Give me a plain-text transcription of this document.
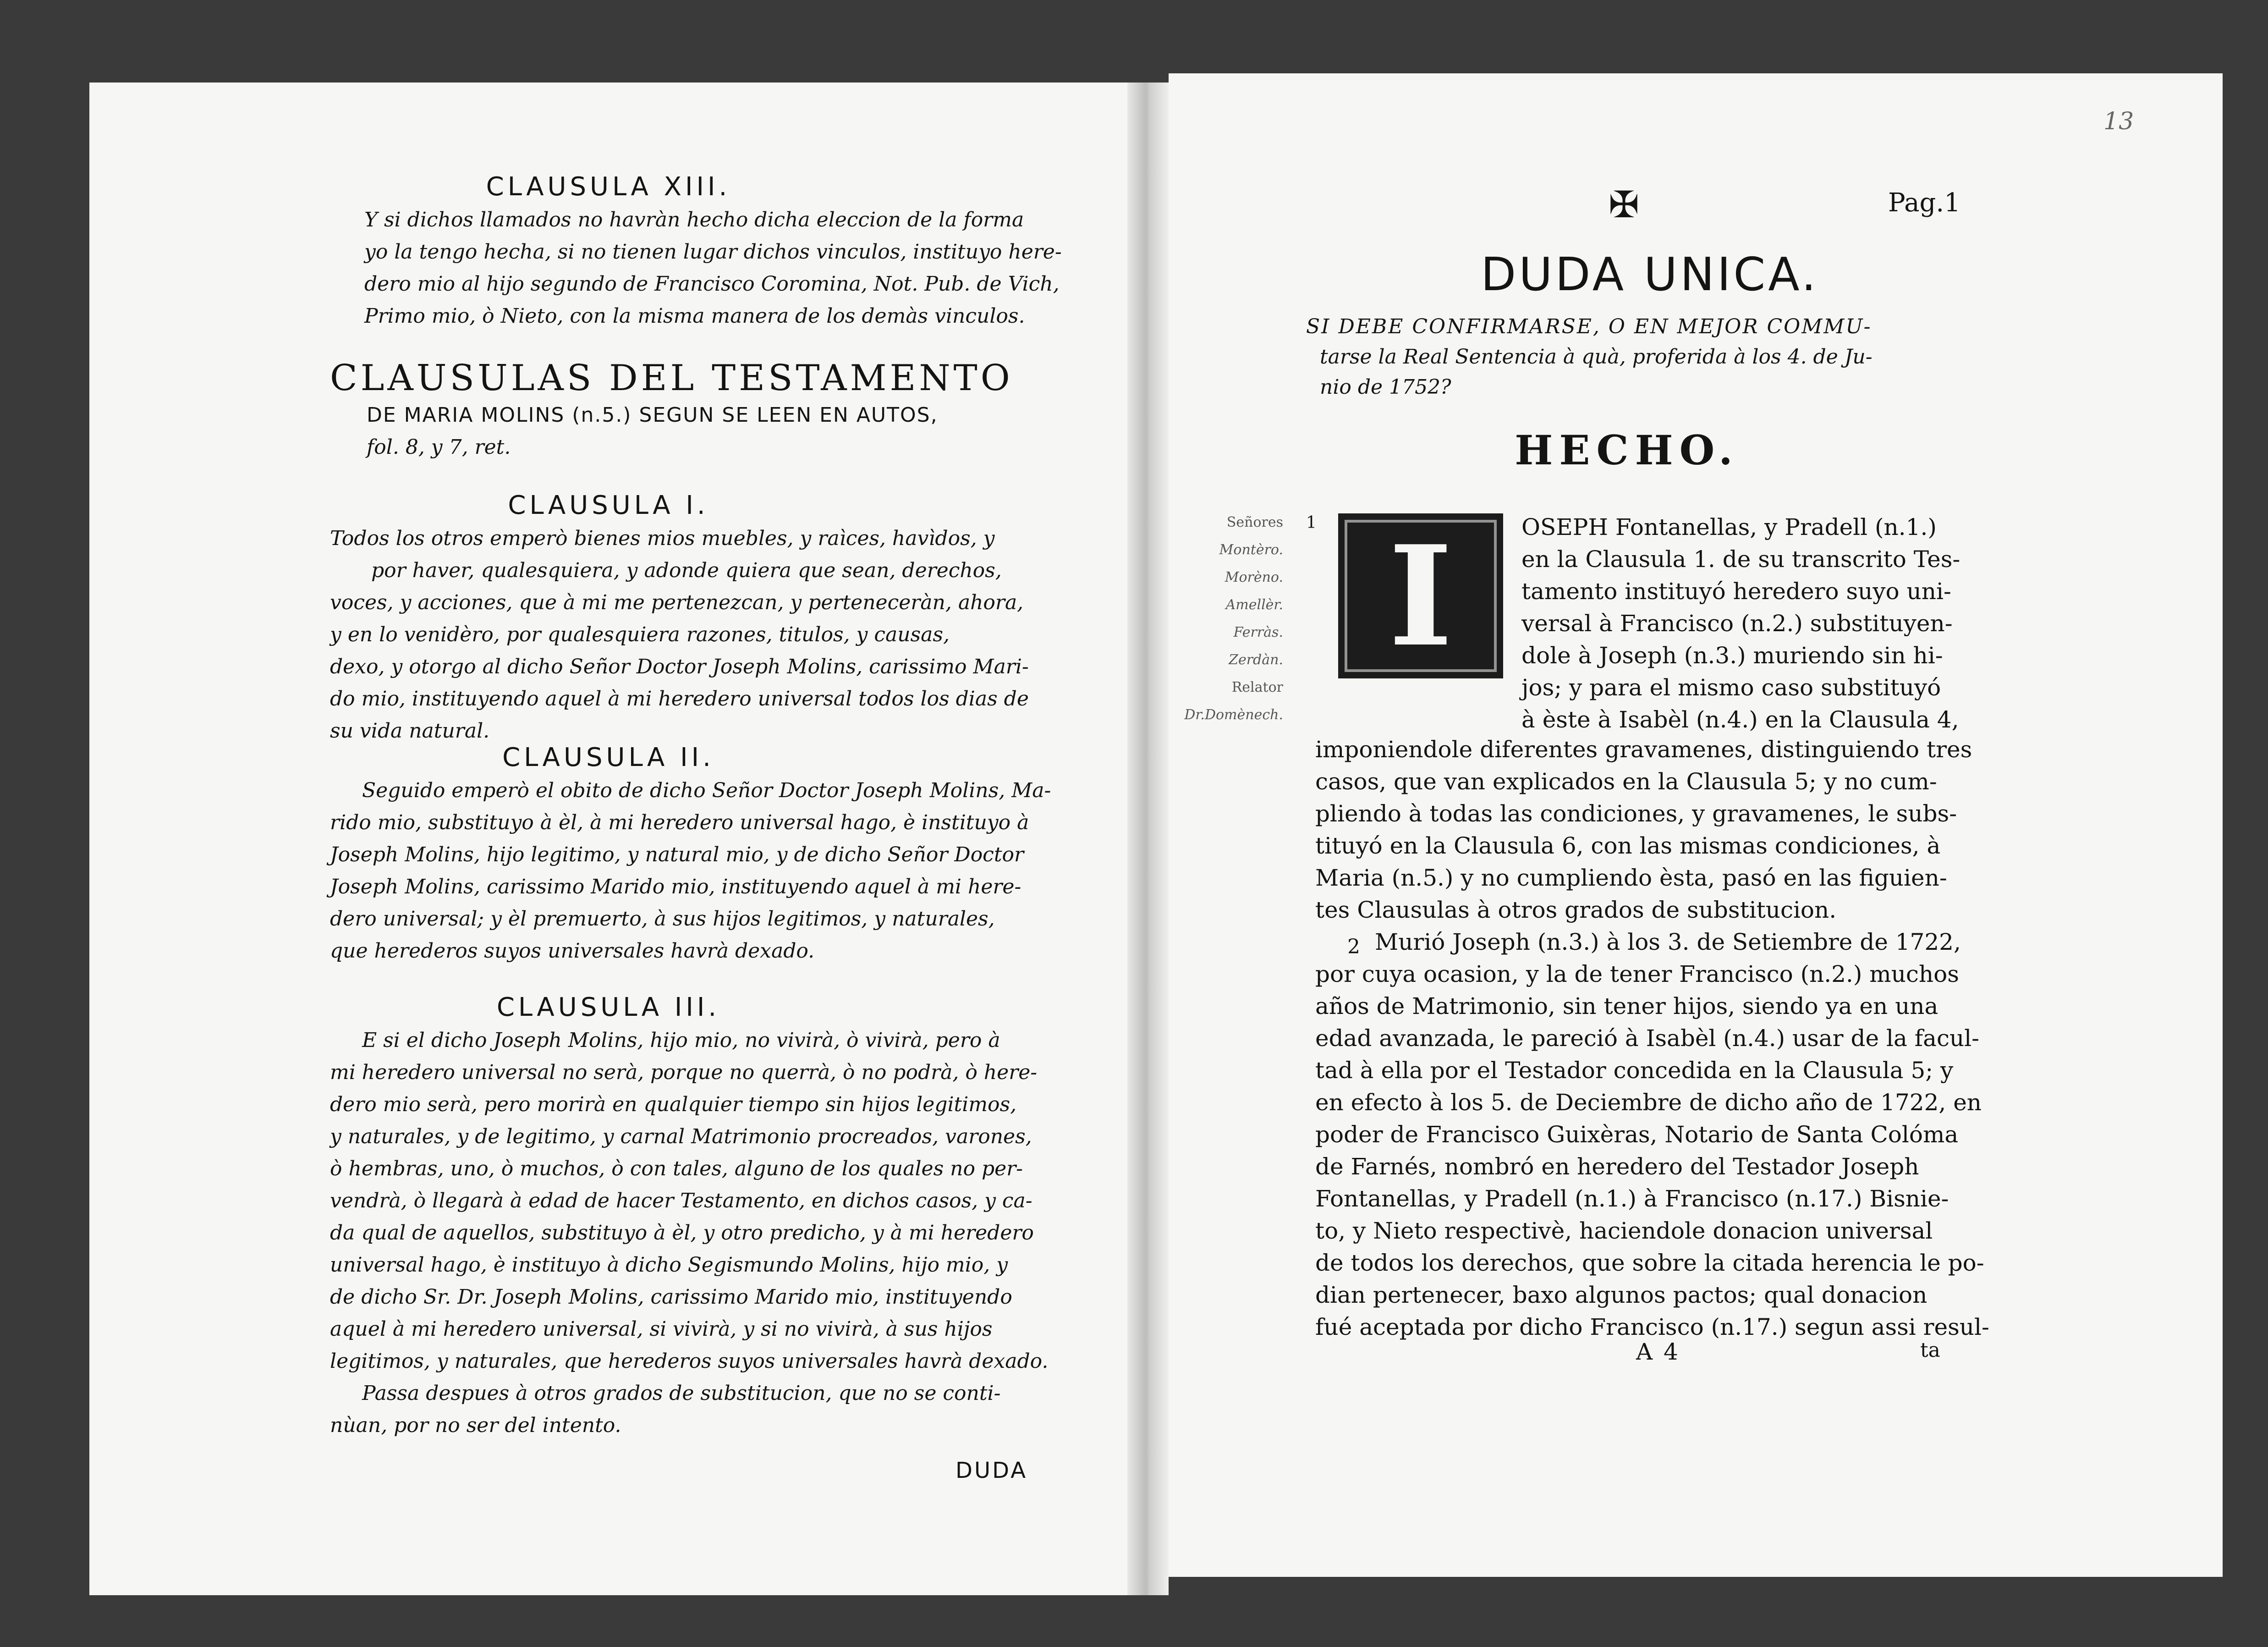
CLAUSULA XIII.

Y si dichos llamados no havràn hecho dicha eleccion de la forma

yo la tengo hecha, si no tienen lugar dichos vinculos, instituyo here-

dero mio al hijo segundo de Francisco Coromina, Not. Pub. de Vich,

Primo mio, ò Nieto, con la misma manera de los demàs vinculos.

CLAUSULAS DEL TESTAMENTO
DE MARIA MOLINS (n.5.) SEGUN SE LEEN EN AUTOS,
fol. 8, y 7, ret.
CLAUSULA I.

Todos los otros emperò bienes mios muebles, y raìces, havìdos, y

por haver, qualesquiera, y adonde quiera que sean, derechos,

voces, y acciones, que à mi me pertenezcan, y perteneceràn, ahora,

y en lo venidèro, por qualesquiera razones, titulos, y causas,

dexo, y otorgo al dicho Señor Doctor Joseph Molins, carissimo Mari-

do mio, instituyendo aquel à mi heredero universal todos los dias de

su vida natural.

CLAUSULA II.

Seguido emperò el obito de dicho Señor Doctor Joseph Molins, Ma-

rido mio, substituyo à èl, à mi heredero universal hago, è instituyo à

Joseph Molins, hijo legitimo, y natural mio, y de dicho Señor Doctor

Joseph Molins, carissimo Marido mio, instituyendo aquel à mi here-

dero universal; y èl premuerto, à sus hijos legitimos, y naturales,

que herederos suyos universales havrà dexado.

CLAUSULA III.

E si el dicho Joseph Molins, hijo mio, no vivirà, ò vivirà, pero à

mi heredero universal no serà, porque no querrà, ò no podrà, ò here-

dero mio serà, pero morirà en qualquier tiempo sin hijos legitimos,

y naturales, y de legitimo, y carnal Matrimonio procreados, varones,

ò hembras, uno, ò muchos, ò con tales, alguno de los quales no per-

vendrà, ò llegarà à edad de hacer Testamento, en dichos casos, y ca-

da qual de aquellos, substituyo à èl, y otro predicho, y à mi heredero

universal hago, è instituyo à dicho Segismundo Molins, hijo mio, y

de dicho Sr. Dr. Joseph Molins, carissimo Marido mio, instituyendo

aquel à mi heredero universal, si vivirà, y si no vivirà, à sus hijos

legitimos, y naturales, que herederos suyos universales havrà dexado.

Passa despues à otros grados de substitucion, que no se conti-

nùan, por no ser del intento.

DUDA
13
✠	Pag.1
DUDA UNICA.

SI DEBE CONFIRMARSE, O EN MEJOR COMMU-

tarse la Real Sentencia à quà, proferida à los 4. de Ju-

nio de 1752?

HECHO.
Señores
Montèro.
Morèno.
Amellèr.
Ferràs.
Zerdàn.
Relator
Dr.Domènech.
1 I	OSEPH Fontanellas, y Pradell (n.1.)

en la Clausula 1. de su transcrito Tes-

tamento instituyó heredero suyo uni-

versal à Francisco (n.2.) substituyen-

dole à Joseph (n.3.) muriendo sin hi-

jos; y para el mismo caso substituyó

à èste à Isabèl (n.4.) en la Clausula 4,

imponiendole diferentes gravamenes, distinguiendo tres

casos, que van explicados en la Clausula 5; y no cum-

pliendo à todas las condiciones, y gravamenes, le subs-

tituyó en la Clausula 6, con las mismas condiciones, à

Maria (n.5.) y no cumpliendo èsta, pasó en las figuien-

tes Clausulas à otros grados de substitucion.

2 Murió Joseph (n.3.) à los 3. de Setiembre de 1722,

por cuya ocasion, y la de tener Francisco (n.2.) muchos

años de Matrimonio, sin tener hijos, siendo ya en una

edad avanzada, le pareció à Isabèl (n.4.) usar de la facul-

tad à ella por el Testador concedida en la Clausula 5; y

en efecto à los 5. de Deciembre de dicho año de 1722, en

poder de Francisco Guixèras, Notario de Santa Colóma

de Farnés, nombró en heredero del Testador Joseph

Fontanellas, y Pradell (n.1.) à Francisco (n.17.) Bisnie-

to, y Nieto respectivè, haciendole donacion universal

de todos los derechos, que sobre la citada herencia le po-

dian pertenecer, baxo algunos pactos; qual donacion

fué aceptada por dicho Francisco (n.17.) segun assi resul-

A 4	ta
